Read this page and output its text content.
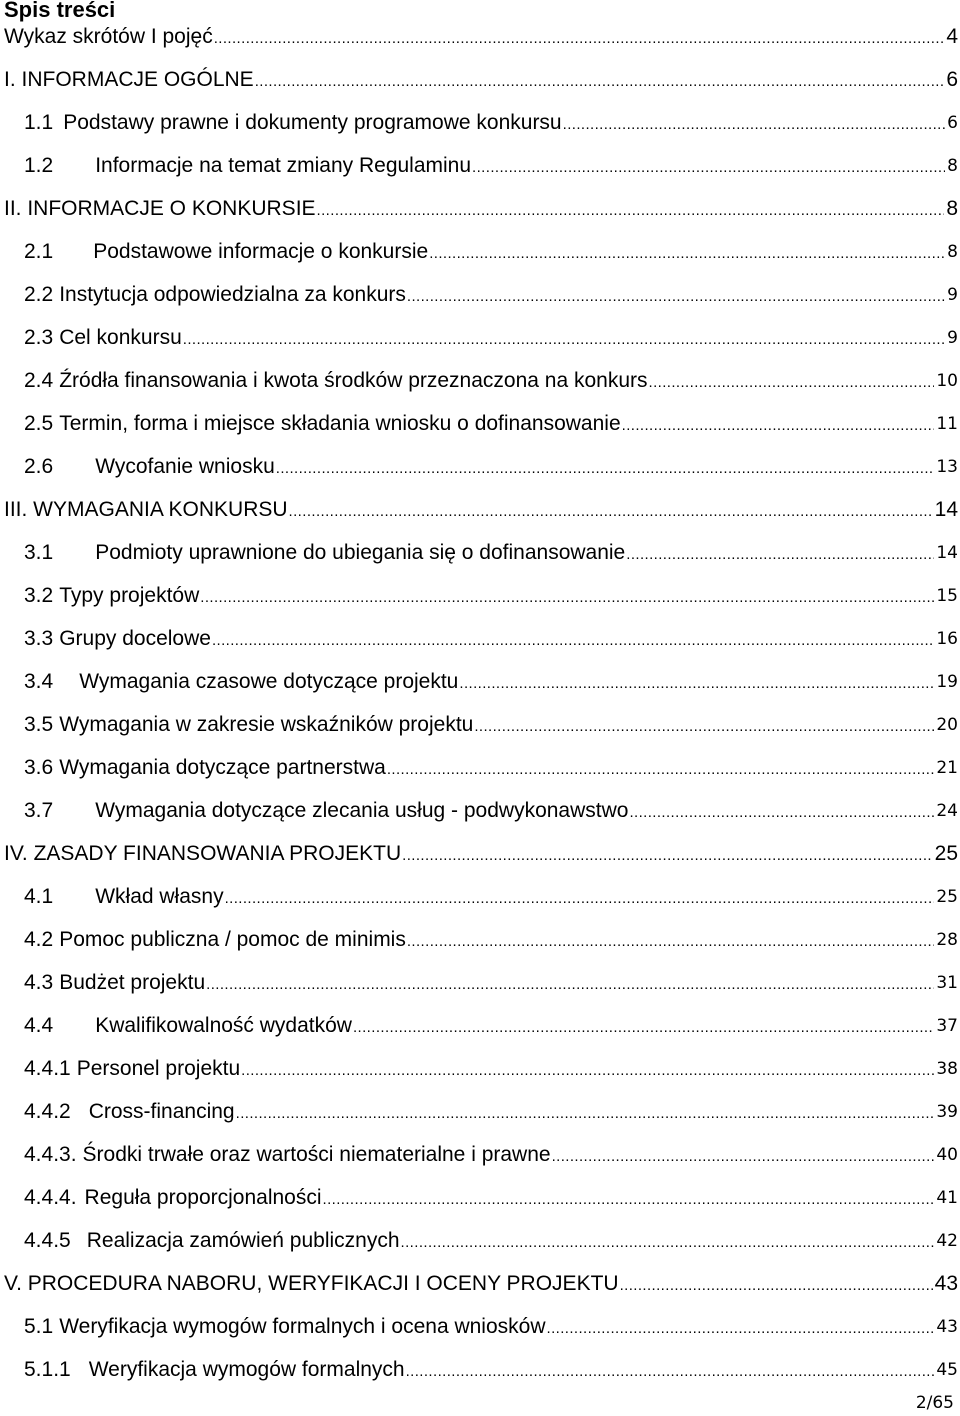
Spis treści
Wykaz skrótów I pojęć .....	4
I. INFORMACJE OGÓLNE .....	6
1.1 Podstawy prawne i dokumenty programowe konkursu .....	6
1.2 Informacje na temat zmiany Regulaminu .....	8
II. INFORMACJE O KONKURSIE .....	8
2.1 Podstawowe informacje o konkursie .....	8
2.2 Instytucja odpowiedzialna za konkurs .....	9
2.3 Cel konkursu .....	9
2.4 Źródła finansowania i kwota środków przeznaczona na konkurs .....	10
2.5 Termin, forma i miejsce składania wniosku o dofinansowanie .....	11
2.6 Wycofanie wniosku .....	13
III. WYMAGANIA KONKURSU .....	14
3.1 Podmioty uprawnione do ubiegania się o dofinansowanie .....	14
3.2 Typy projektów .....	15
3.3 Grupy docelowe .....	16
3.4 Wymagania czasowe dotyczące projektu .....	19
3.5 Wymagania w zakresie wskaźników projektu .....	20
3.6 Wymagania dotyczące partnerstwa .....	21
3.7 Wymagania dotyczące zlecania usług - podwykonawstwo .....	24
IV. ZASADY FINANSOWANIA PROJEKTU .....	25
4.1 Wkład własny .....	25
4.2 Pomoc publiczna / pomoc de minimis .....	28
4.3 Budżet projektu .....	31
4.4 Kwalifikowalność wydatków .....	37
4.4.1 Personel projektu .....	38
4.4.2 Cross-financing .....	39
4.4.3. Środki trwałe oraz wartości niematerialne i prawne .....	40
4.4.4. Reguła proporcjonalności .....	41
4.4.5 Realizacja zamówień publicznych .....	42
V. PROCEDURA NABORU, WERYFIKACJI I OCENY PROJEKTU .....	43
5.1 Weryfikacja wymogów formalnych i ocena wniosków .....	43
5.1.1 Weryfikacja wymogów formalnych .....	45
2/65
